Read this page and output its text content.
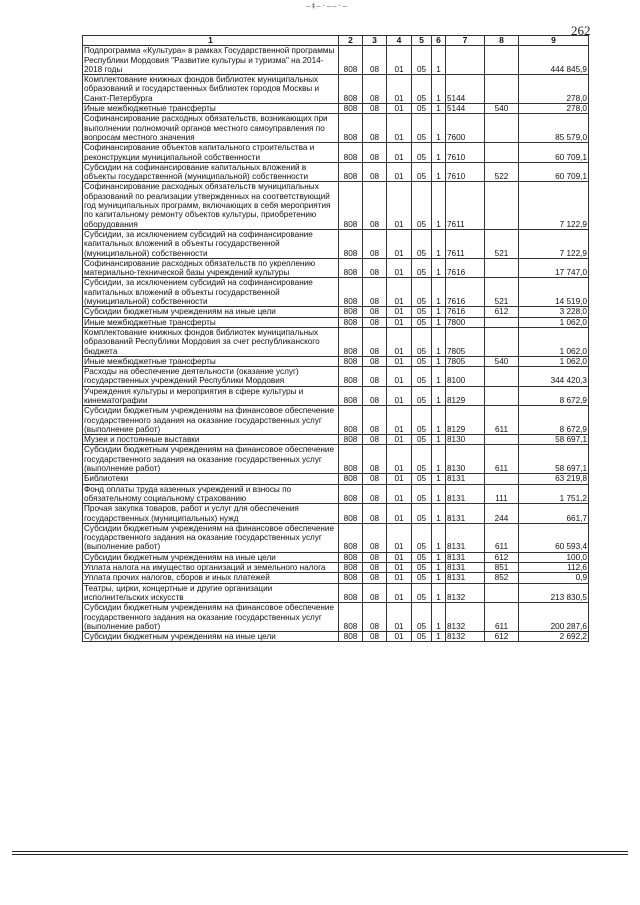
—‡—·——·—
262
1	2	3	4	5	6	7	8	9
Подпрограмма «Культура» в рамках Государственной программы Республики Мордовия "Развитие культуры и туризма" на 2014-2018 годы	808	08	01	05	1			444 845,9
Комплектование книжных фондов библиотек муниципальных образований и государственных библиотек городов Москвы и Санкт-Петербурга	808	08	01	05	1	5144		278,0
Иные межбюджетные трансферты	808	08	01	05	1	5144	540	278,0
Софинансирование расходных обязательств, возникающих при выполнении полномочий органов местного самоуправления по вопросам местного значения	808	08	01	05	1	7600		85 579,0
Софинансирование объектов капитального строительства и реконструкции муниципальной собственности	808	08	01	05	1	7610		60 709,1
Субсидии на софинансирование капитальных вложений в объекты государственной (муниципальной) собственности	808	08	01	05	1	7610	522	60 709,1
Софинансирование расходных обязательств муниципальных образований по реализации утвержденных на соответствующий год муниципальных программ, включающих в себя мероприятия по капитальному ремонту объектов культуры, приобретению оборудования	808	08	01	05	1	7611		7 122,9
Субсидии, за исключением субсидий на софинансирование капитальных вложений в объекты государственной (муниципальной) собственности	808	08	01	05	1	7611	521	7 122,9
Софинансирование расходных обязательств по укреплению материально-технической базы учреждений культуры	808	08	01	05	1	7616		17 747,0
Субсидии, за исключением субсидий на софинансирование капитальных вложений в объекты государственной (муниципальной) собственности	808	08	01	05	1	7616	521	14 519,0
Субсидии бюджетным учреждениям на иные цели	808	08	01	05	1	7616	612	3 228,0
Иные межбюджетные трансферты	808	08	01	05	1	7800		1 062,0
Комплектование книжных фондов библиотек муниципальных образований Республики Мордовия за счет республиканского бюджета	808	08	01	05	1	7805		1 062,0
Иные межбюджетные трансферты	808	08	01	05	1	7805	540	1 062,0
Расходы на обеспечение деятельности (оказание услуг) государственных учреждений Республики Мордовия	808	08	01	05	1	8100		344 420,3
Учреждения культуры и мероприятия в сфере культуры и кинематографии	808	08	01	05	1	8129		8 672,9
Субсидии бюджетным учреждениям на финансовое обеспечение государственного задания на оказание государственных услуг (выполнение работ)	808	08	01	05	1	8129	611	8 672,9
Музеи и постоянные выставки	808	08	01	05	1	8130		58 697,1
Субсидии бюджетным учреждениям на финансовое обеспечение государственного задания на оказание государственных услуг (выполнение работ)	808	08	01	05	1	8130	611	58 697,1
Библиотеки	808	08	01	05	1	8131		63 219,8
Фонд оплаты труда казенных учреждений и взносы по обязательному социальному страхованию	808	08	01	05	1	8131	111	1 751,2
Прочая закупка товаров, работ и услуг для обеспечения государственных (муниципальных) нужд	808	08	01	05	1	8131	244	661,7
Субсидии бюджетным учреждениям на финансовое обеспечение государственного задания на оказание государственных услуг (выполнение работ)	808	08	01	05	1	8131	611	60 593,4
Субсидии бюджетным учреждениям на иные цели	808	08	01	05	1	8131	612	100,0
Уплата налога на имущество организаций и земельного налога	808	08	01	05	1	8131	851	112,6
Уплата прочих налогов, сборов и иных платежей	808	08	01	05	1	8131	852	0,9
Театры, цирки, концертные и другие организации исполнительских искусств	808	08	01	05	1	8132		213 830,5
Субсидии бюджетным учреждениям на финансовое обеспечение государственного задания на оказание государственных услуг (выполнение работ)	808	08	01	05	1	8132	611	200 287,6
Субсидии бюджетным учреждениям на иные цели	808	08	01	05	1	8132	612	2 692,2
